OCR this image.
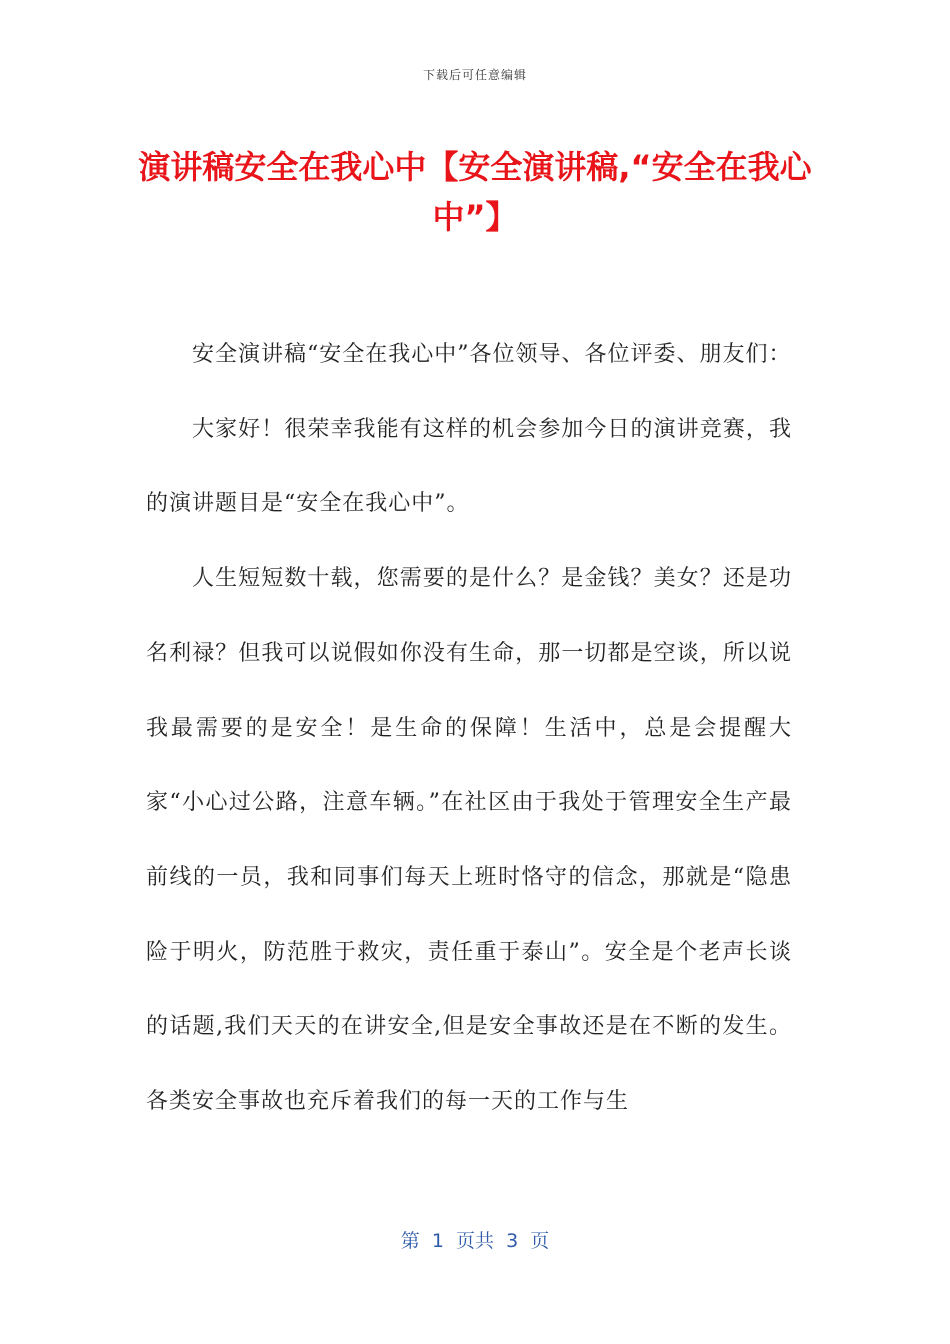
下载后可任意编辑
演讲稿安全在我心中【安全演讲稿,“安全在我心中”】

安全演讲稿“安全在我心中”各位领导、各位评委、朋友们：

大家好！很荣幸我能有这样的机会参加今日的演讲竞赛，我的演讲题目是“安全在我心中”。

人生短短数十载，您需要的是什么？是金钱？美女？还是功名利禄？但我可以说假如你没有生命，那一切都是空谈，所以说我最需要的是安全！是生命的保障！生活中，总是会提醒大家“小心过公路，注意车辆。”在社区由于我处于管理安全生产最前线的一员，我和同事们每天上班时恪守的信念，那就是“隐患险于明火，防范胜于救灾，责任重于泰山”。安全是个老声长谈的话题,我们天天的在讲安全,但是安全事故还是在不断的发生。各类安全事故也充斥着我们的每一天的工作与生

第  1  页共  3  页
